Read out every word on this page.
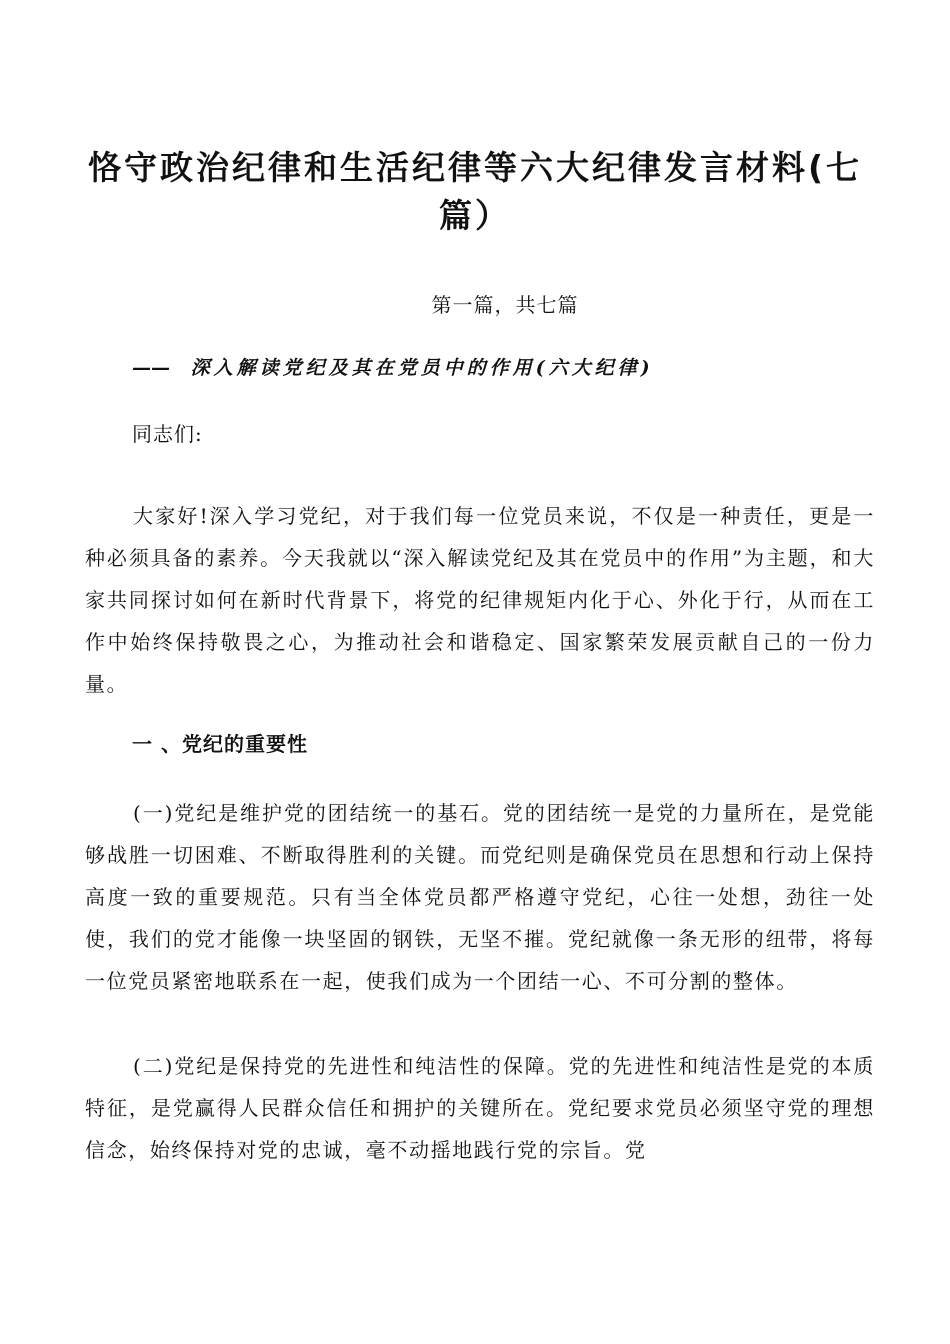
恪守政治纪律和生活纪律等六大纪律发言材料(七篇）
第一篇，共七篇
—— 深入解读党纪及其在党员中的作用(六大纪律)
同志们:

大家好!深入学习党纪，对于我们每一位党员来说，不仅是一种责任，更是一种必须具备的素养。今天我就以“深入解读党纪及其在党员中的作用”为主题，和大家共同探讨如何在新时代背景下，将党的纪律规矩内化于心、外化于行，从而在工作中始终保持敬畏之心，为推动社会和谐稳定、国家繁荣发展贡献自己的一份力量。

一 、党纪的重要性

(一)党纪是维护党的团结统一的基石。党的团结统一是党的力量所在，是党能够战胜一切困难、不断取得胜利的关键。而党纪则是确保党员在思想和行动上保持高度一致的重要规范。只有当全体党员都严格遵守党纪，心往一处想，劲往一处使，我们的党才能像一块坚固的钢铁，无坚不摧。党纪就像一条无形的纽带，将每一位党员紧密地联系在一起，使我们成为一个团结一心、不可分割的整体。

(二)党纪是保持党的先进性和纯洁性的保障。党的先进性和纯洁性是党的本质特征，是党赢得人民群众信任和拥护的关键所在。党纪要求党员必须坚守党的理想信念，始终保持对党的忠诚，毫不动摇地践行党的宗旨。党
